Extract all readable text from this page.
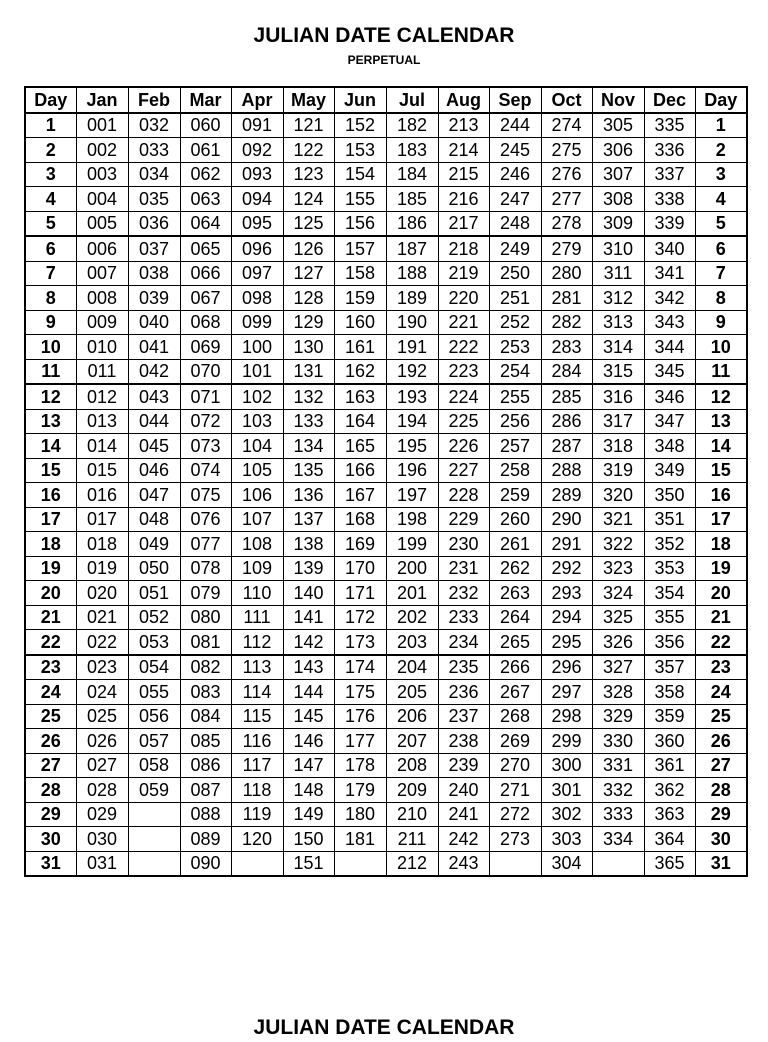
JULIAN DATE CALENDAR
PERPETUAL
Day	Jan	Feb	Mar	Apr	May	Jun	Jul	Aug	Sep	Oct	Nov	Dec	Day
1	001	032	060	091	121	152	182	213	244	274	305	335	1
2	002	033	061	092	122	153	183	214	245	275	306	336	2
3	003	034	062	093	123	154	184	215	246	276	307	337	3
4	004	035	063	094	124	155	185	216	247	277	308	338	4
5	005	036	064	095	125	156	186	217	248	278	309	339	5
6	006	037	065	096	126	157	187	218	249	279	310	340	6
7	007	038	066	097	127	158	188	219	250	280	311	341	7
8	008	039	067	098	128	159	189	220	251	281	312	342	8
9	009	040	068	099	129	160	190	221	252	282	313	343	9
10	010	041	069	100	130	161	191	222	253	283	314	344	10
11	011	042	070	101	131	162	192	223	254	284	315	345	11
12	012	043	071	102	132	163	193	224	255	285	316	346	12
13	013	044	072	103	133	164	194	225	256	286	317	347	13
14	014	045	073	104	134	165	195	226	257	287	318	348	14
15	015	046	074	105	135	166	196	227	258	288	319	349	15
16	016	047	075	106	136	167	197	228	259	289	320	350	16
17	017	048	076	107	137	168	198	229	260	290	321	351	17
18	018	049	077	108	138	169	199	230	261	291	322	352	18
19	019	050	078	109	139	170	200	231	262	292	323	353	19
20	020	051	079	110	140	171	201	232	263	293	324	354	20
21	021	052	080	111	141	172	202	233	264	294	325	355	21
22	022	053	081	112	142	173	203	234	265	295	326	356	22
23	023	054	082	113	143	174	204	235	266	296	327	357	23
24	024	055	083	114	144	175	205	236	267	297	328	358	24
25	025	056	084	115	145	176	206	237	268	298	329	359	25
26	026	057	085	116	146	177	207	238	269	299	330	360	26
27	027	058	086	117	147	178	208	239	270	300	331	361	27
28	028	059	087	118	148	179	209	240	271	301	332	362	28
29	029		088	119	149	180	210	241	272	302	333	363	29
30	030		089	120	150	181	211	242	273	303	334	364	30
31	031		090		151		212	243		304		365	31
JULIAN DATE CALENDAR
